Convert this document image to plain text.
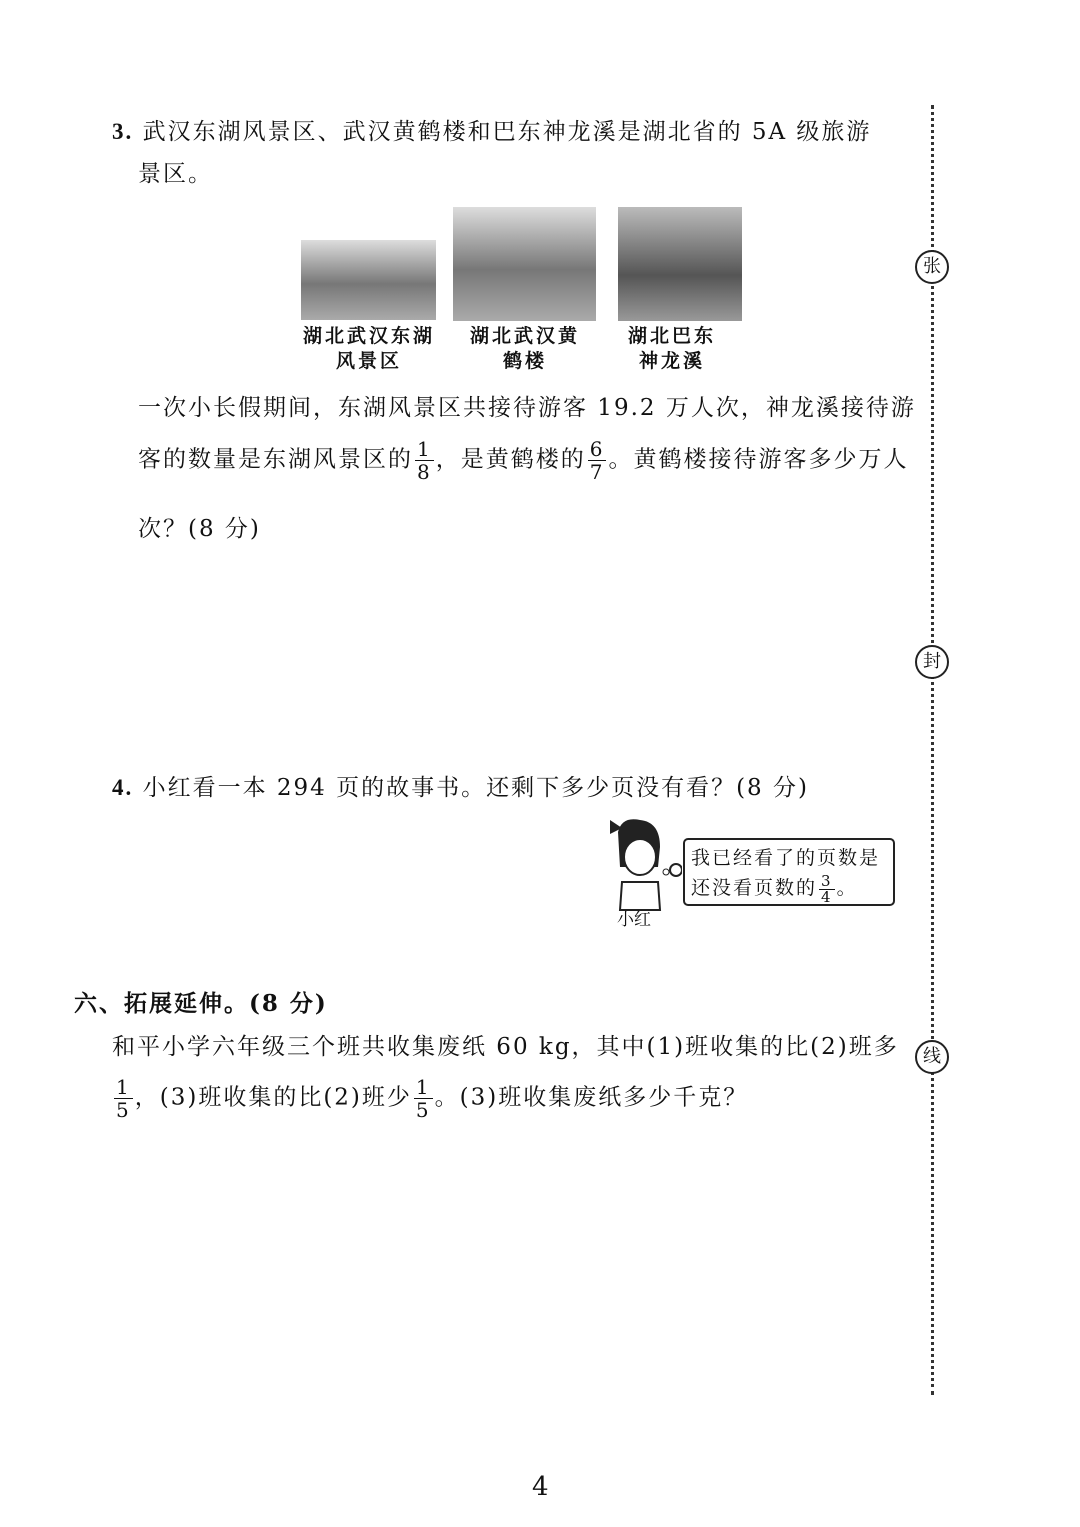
3. 武汉东湖风景区、武汉黄鹤楼和巴东神龙溪是湖北省的 5A 级旅游
景区。
湖北武汉东湖
风景区
湖北武汉黄
鹤楼
湖北巴东
神龙溪
一次小长假期间，东湖风景区共接待游客 19.2 万人次，神龙溪接待游
客的数量是东湖风景区的 $\frac{1}{8}$ ，是黄鹤楼的 $\frac{6}{7}$ 。黄鹤楼接待游客多少万人
次？(8 分)
4. 小红看一本 294 页的故事书。还剩下多少页没有看？(8 分)
小红
我已经看了的页数是
还没看页数的 $\frac{3}{4}$ 。
六、拓展延伸。(8 分)
和平小学六年级三个班共收集废纸 60 kg，其中(1)班收集的比(2)班多
$\frac{1}{5}$ ，(3)班收集的比(2)班少 $\frac{1}{5}$ 。(3)班收集废纸多少千克？
张
封
线
4
